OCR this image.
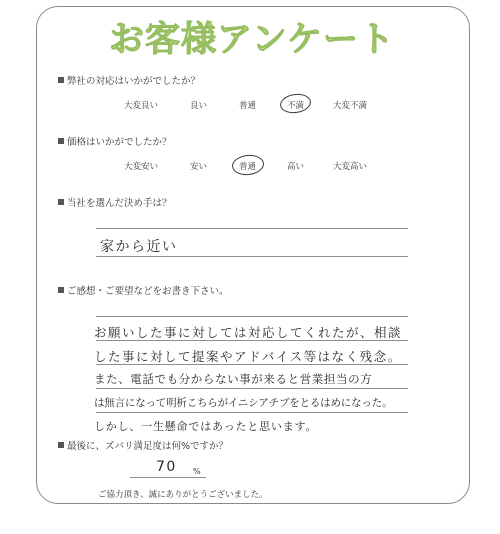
お客様アンケート
弊社の対応はいかがでしたか？
大変良い	良い	普通	不満	大変不満
価格はいかがでしたか？
大変安い	安い	普通	高い	大変高い
当社を選んだ決め手は？
家から近い
ご感想・ご要望などをお書き下さい。
お願いした事に対しては対応してくれたが、相談
した事に対して提案やアドバイス等はなく残念。
また、電話でも分からない事が来ると営業担当の方
は無言になって明析こちらがイニシアチブをとるはめになった。
しかし、一生懸命ではあったと思います。
最後に、ズバリ満足度は何%ですか？
70 %
ご協力頂き、誠にありがとうございました。
